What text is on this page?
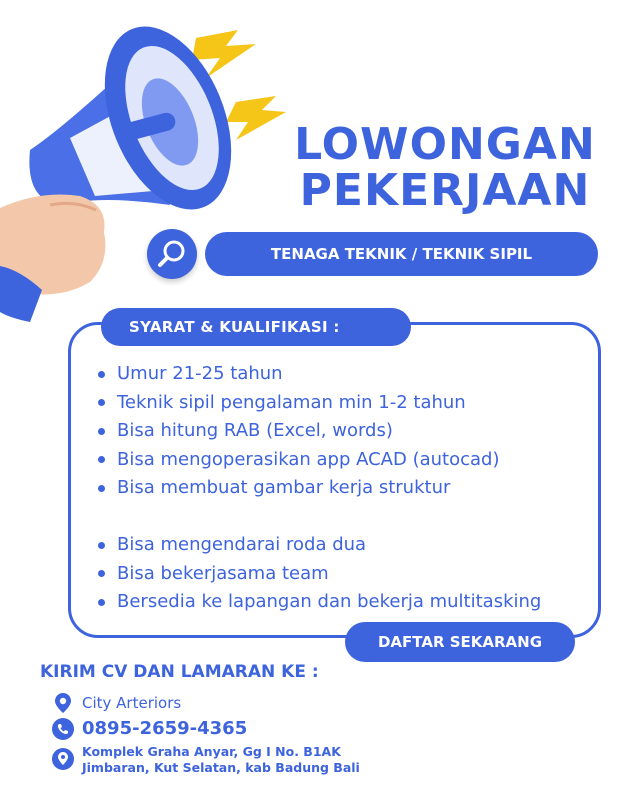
LOWONGAN
PEKERJAAN
TENAGA TEKNIK / TEKNIK SIPIL
SYARAT & KUALIFIKASI :
Umur 21-25 tahun
Teknik sipil pengalaman min 1-2 tahun
Bisa hitung RAB (Excel, words)
Bisa mengoperasikan app ACAD (autocad)
Bisa membuat gambar kerja struktur
Bisa mengendarai roda dua
Bisa bekerjasama team
Bersedia ke lapangan dan bekerja multitasking
DAFTAR SEKARANG
KIRIM CV DAN LAMARAN KE :
City Arteriors
0895-2659-4365
Komplek Graha Anyar, Gg I No. B1AK
Jimbaran, Kut Selatan, kab Badung Bali
